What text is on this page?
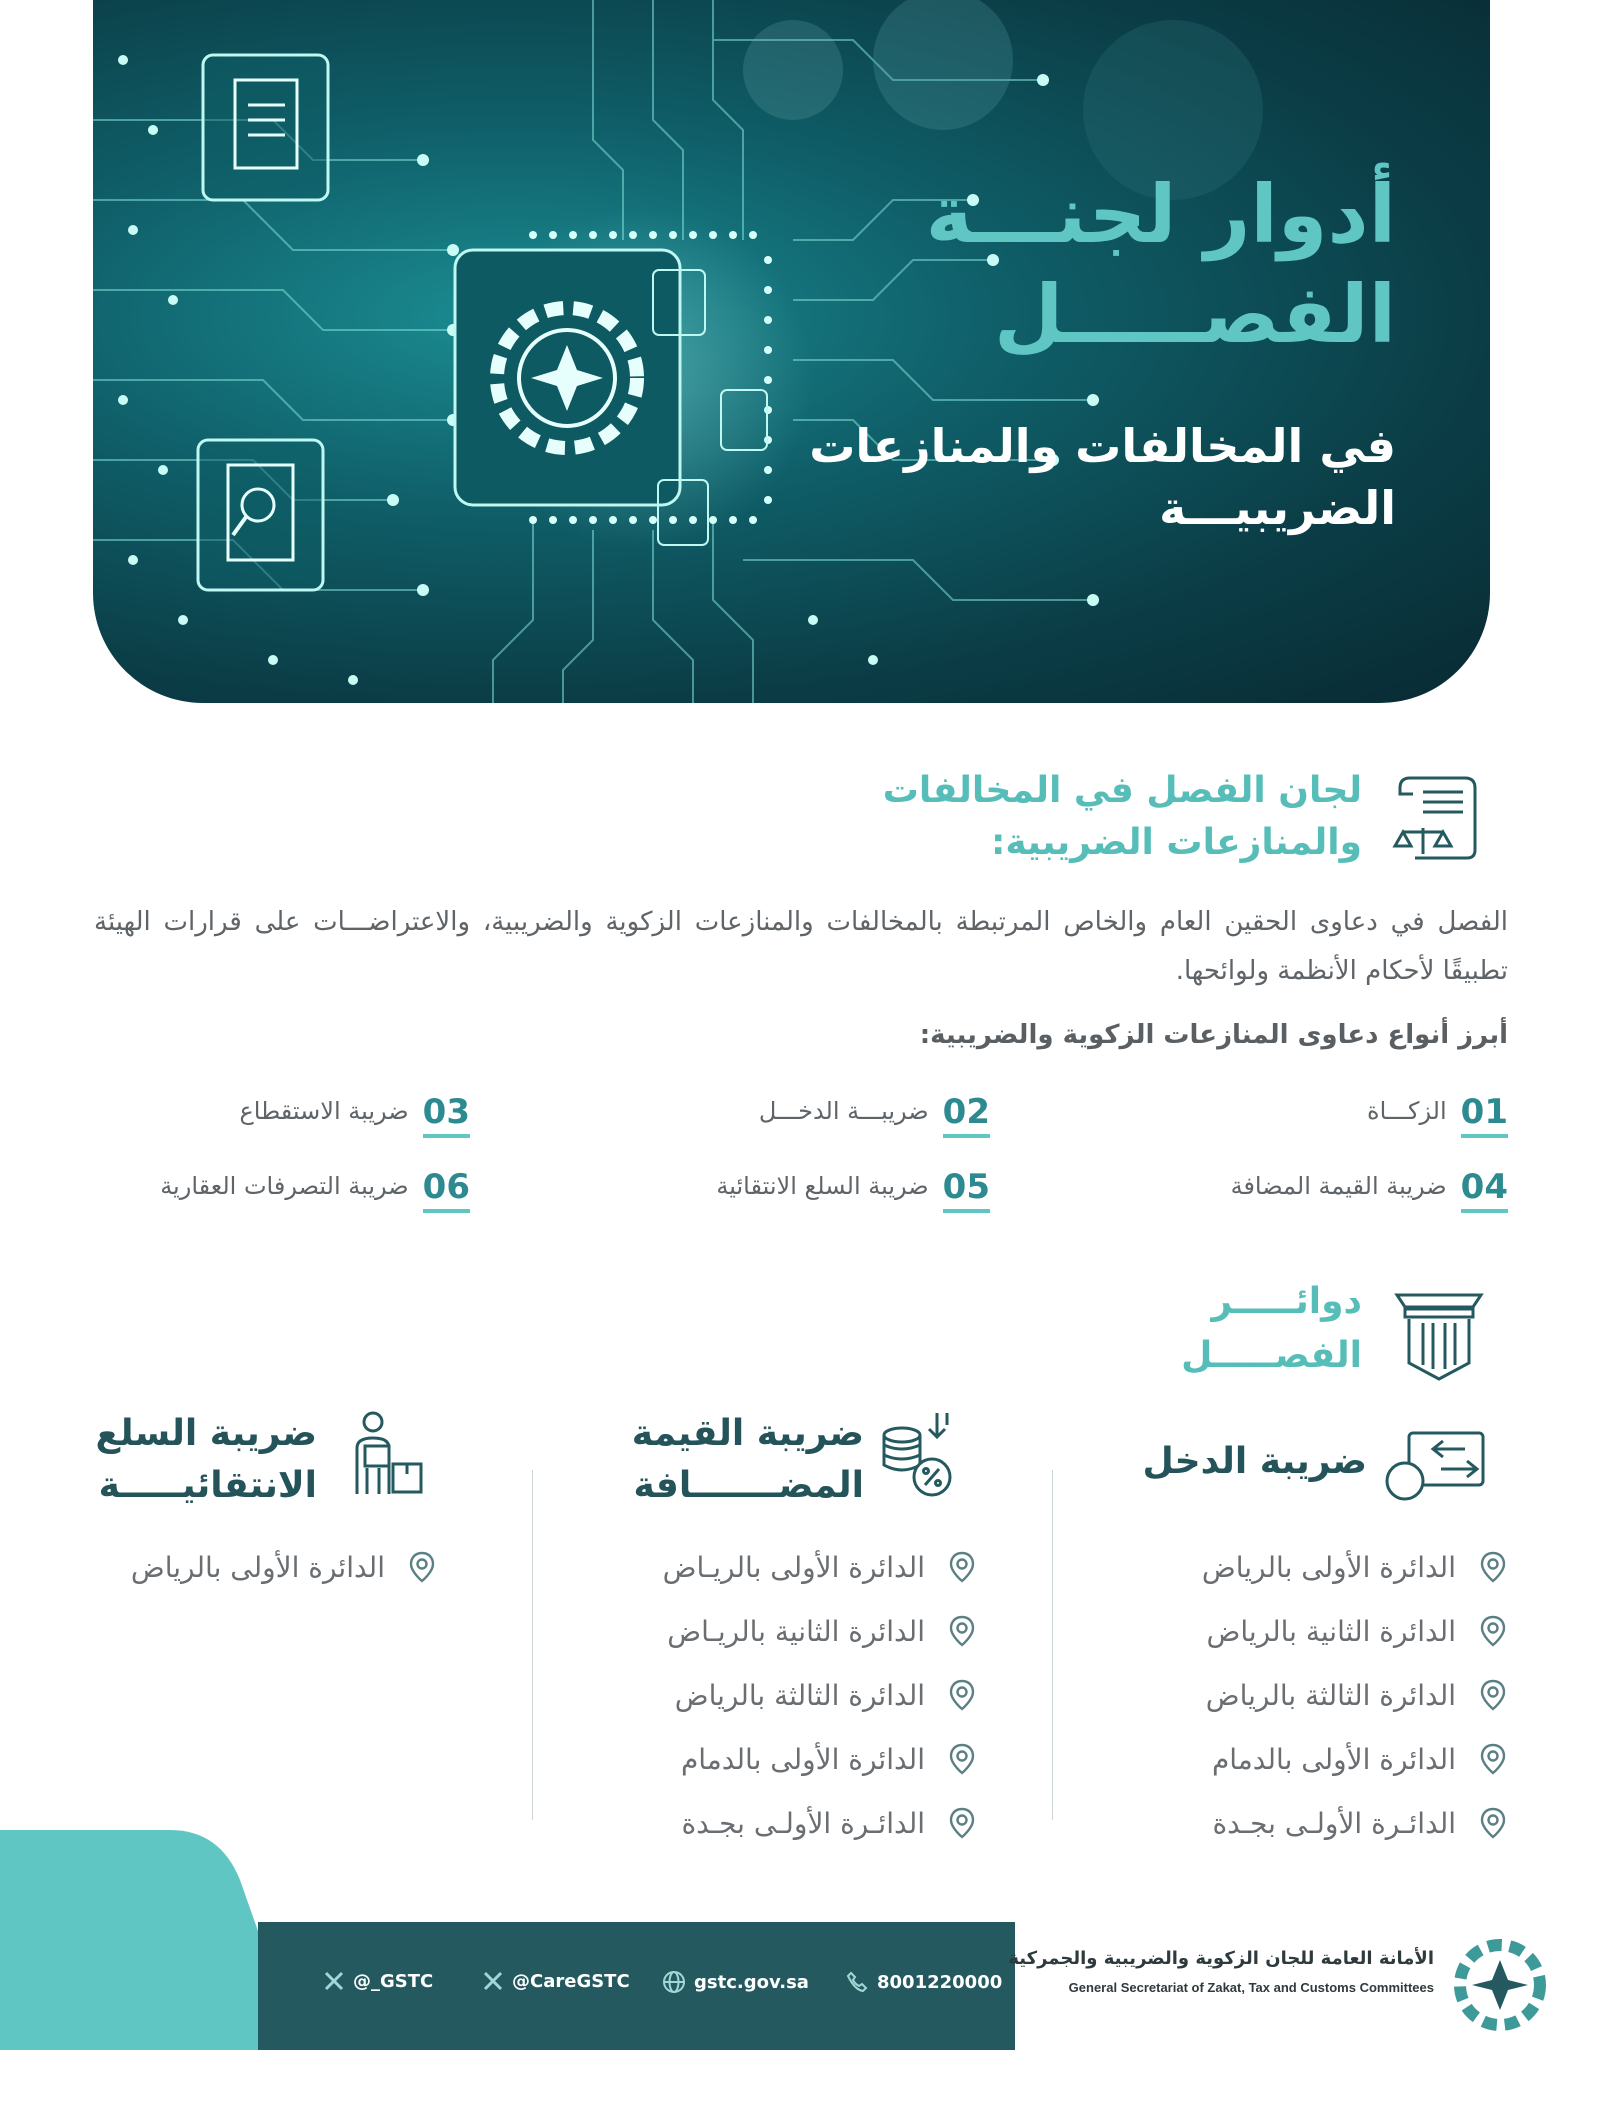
أدوار لجنـــة
الفصـــــل
في المخالفات والمنازعات
الضريبيـــة
لجان الفصل في المخالفات
والمنازعات الضريبية:
الفصل في دعاوى الحقين العام والخاص المرتبطة بالمخالفات والمنازعات الزكوية والضريبية، والاعتراضـــات على قرارات الهيئة تطبيقًا لأحكام الأنظمة ولوائحها.
أبرز أنواع دعاوى المنازعات الزكوية والضريبية:
01
الزكـــاة
02
ضريبـــة الدخـــل
03
ضريبة الاستقطاع
04
ضريبة القيمة المضافة
05
ضريبة السلع الانتقائية
06
ضريبة التصرفات العقارية
دوائـــــر
الفصـــــل
ضريبة الدخل
الدائرة الأولى بالرياض
الدائرة الثانية بالرياض
الدائرة الثالثة بالرياض
الدائرة الأولى بالدمام
الدائـرة الأولـى بجـدة
ضريبة القيمة
المضـــــــافة
الدائرة الأولى بالريـاض
الدائرة الثانية بالريـاض
الدائرة الثالثة بالرياض
الدائرة الأولى بالدمام
الدائـرة الأولـى بجـدة
ضريبة السلع
الانتقائيـــــة
الدائرة الأولى بالرياض
@_GSTC	@CareGSTC	gstc.gov.sa	8001220000
الأمانة العامة للجان الزكوية والضريبية والجمركية
General Secretariat of Zakat, Tax and Customs Committees
